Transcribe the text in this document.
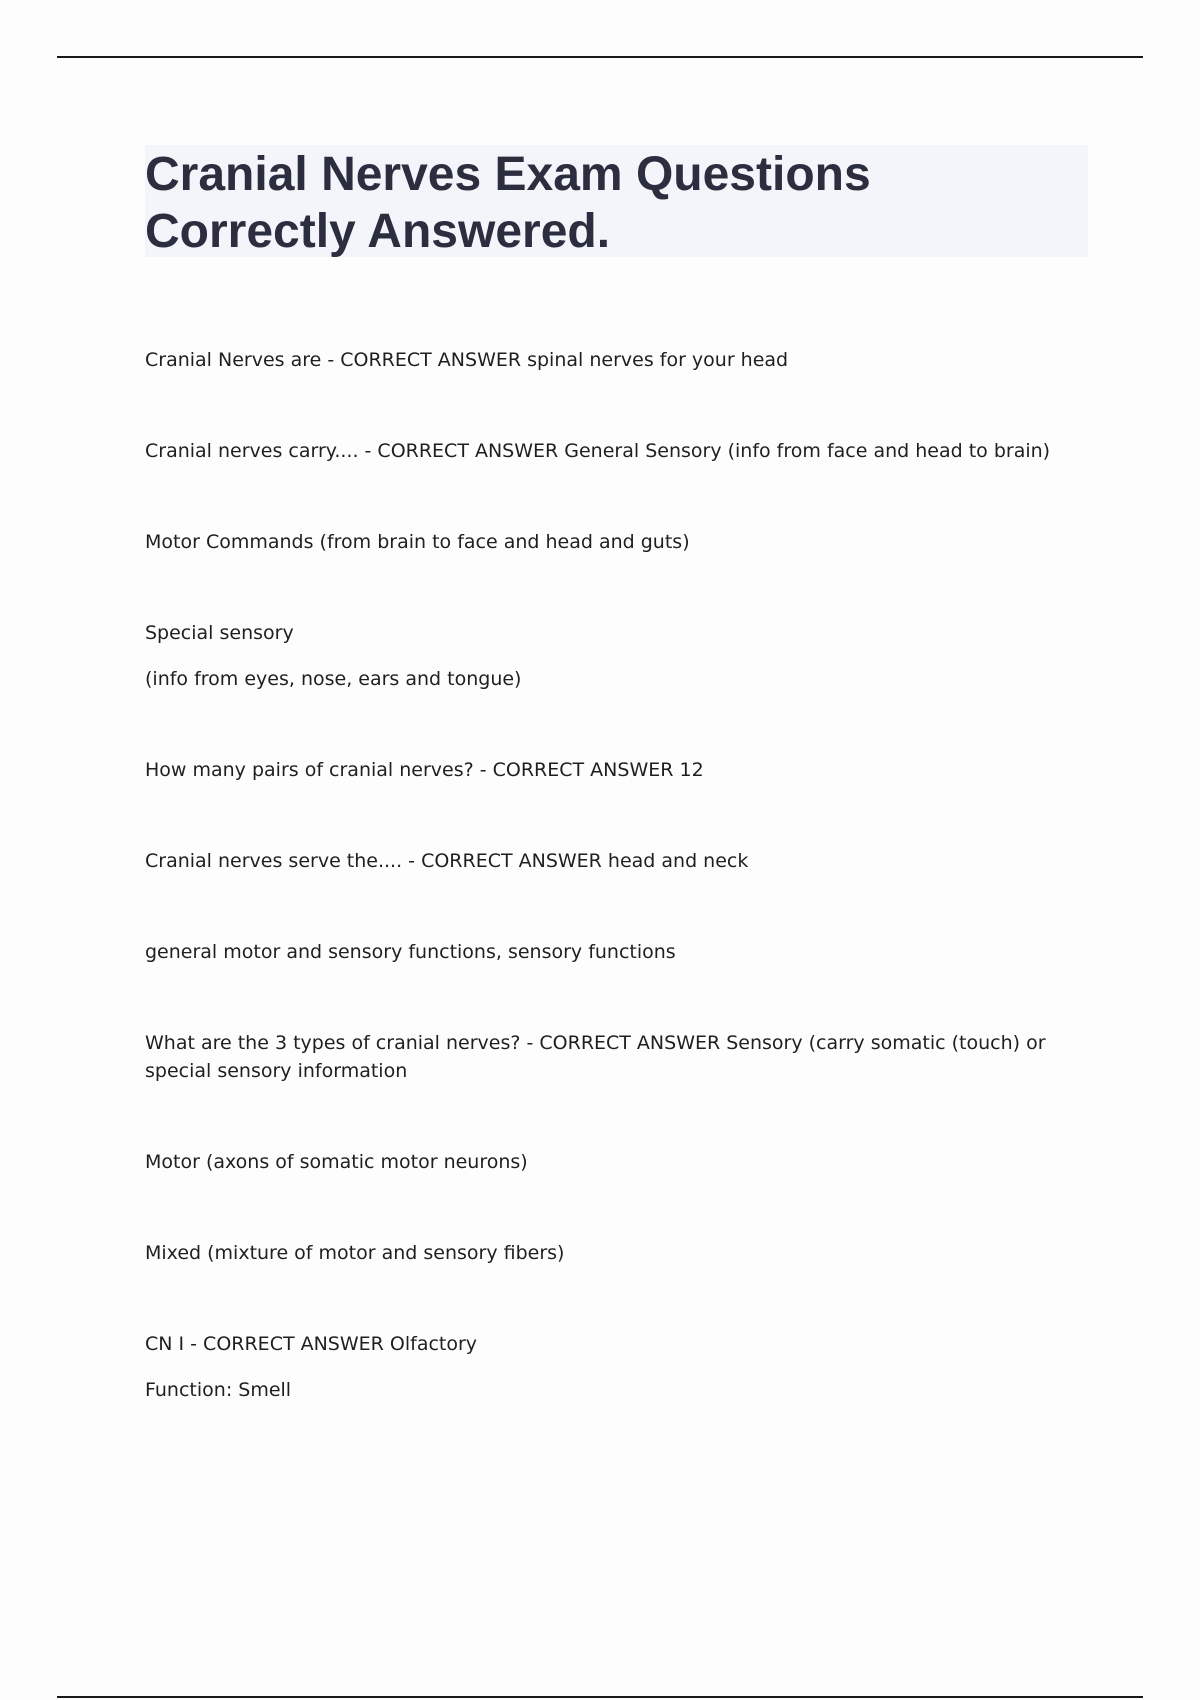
Cranial Nerves Exam Questions
Correctly Answered.

Cranial Nerves are - CORRECT ANSWER spinal nerves for your head

Cranial nerves carry.... - CORRECT ANSWER General Sensory (info from face and head to brain)

Motor Commands (from brain to face and head and guts)

Special sensory

(info from eyes, nose, ears and tongue)

How many pairs of cranial nerves? - CORRECT ANSWER 12

Cranial nerves serve the.... - CORRECT ANSWER head and neck

general motor and sensory functions, sensory functions

What are the 3 types of cranial nerves? - CORRECT ANSWER Sensory (carry somatic (touch) or special sensory information

Motor (axons of somatic motor neurons)

Mixed (mixture of motor and sensory fibers)

CN I - CORRECT ANSWER Olfactory

Function: Smell
